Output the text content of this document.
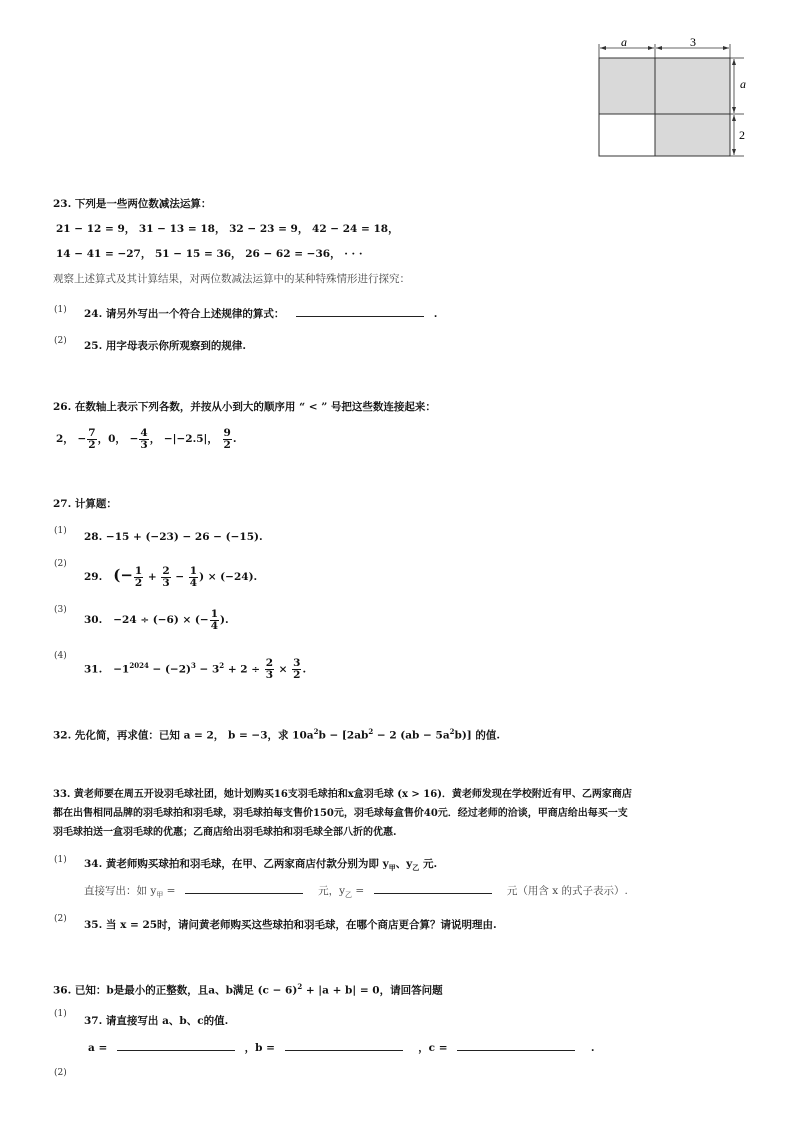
a	3
a
2
23. 下列是一些两位数减法运算：
21 − 12 = 9， 31 − 13 = 18， 32 − 23 = 9， 42 − 24 = 18，
14 − 41 = −27， 51 − 15 = 36， 26 − 62 = −36， · · ·
观察上述算式及其计算结果，对两位数减法运算中的某种特殊情形进行探究：
(1) 24. 请另外写出一个符合上述规律的算式：	.
(2) 25. 用字母表示你所观察到的规律.
26. 在数轴上表示下列各数，并按从小到大的顺序用 “ < ” 号把这些数连接起来：
2， − $\frac{7}{2}$ ，0， − $\frac{4}{3}$ ， −|−2.5|， $\frac{9}{2}$ .
27. 计算题：
(1) 28. −15 + (−23) − 26 − (−15).
(2)
29. (− $\frac{1}{2} + \frac{2}{3} - \frac{1}{4}$ ) × (−24).
(3)
30. −24 ÷ (−6) × (− $\frac{1}{4}$ ).
(4)
31. $-1^{2024} - (-2)^3 - 3^2 + 2 \div \frac{2}{3} \times \frac{3}{2}$ .
32. 先化简，再求值：已知 a = 2， b = −3，求 $10a^2b - [2ab^2 - 2$ $(ab - 5a^2b)$] 的值.
33. 黄老师要在周五开设羽毛球社团，她计划购买16支羽毛球拍和x盒羽毛球 (x > 16)．黄老师发现在学校附近有甲、乙两家商店
都在出售相同品牌的羽毛球拍和羽毛球，羽毛球拍每支售价150元，羽毛球每盒售价40元．经过老师的洽谈，甲商店给出每买一支
羽毛球拍送一盒羽毛球的优惠；乙商店给出羽毛球拍和羽毛球全部八折的优惠.
(1) 34. 黄老师购买球拍和羽毛球，在甲、乙两家商店付款分别为即 $y_甲$、$y_乙$ 元.
直接写出：如 $y_甲$ =	元，$y_乙$ =	元（用含 x 的式子表示）.
(2) 35. 当 x = 25时，请问黄老师购买这些球拍和羽毛球，在哪个商店更合算？请说明理由.
36. 已知：b是最小的正整数，且a、b满足 $(c - 6)^2 + |a + b| = 0$，请回答问题
(1)
37. 请直接写出 a、b、c的值.
a =	，b =	，c =	.
(2)
